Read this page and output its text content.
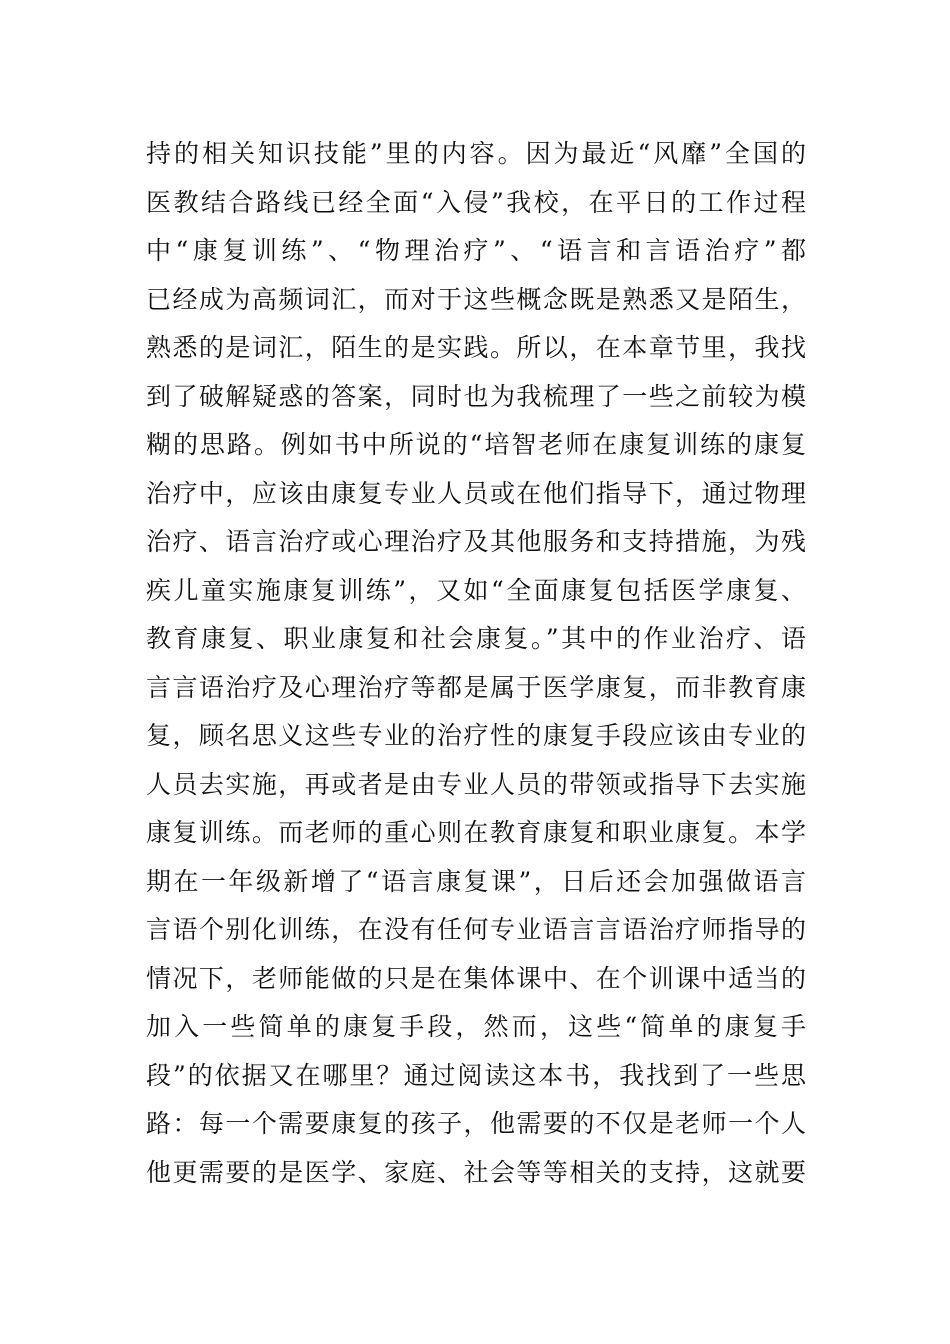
持的相关知识技能”里的内容。因为最近“风靡”全国的
医教结合路线已经全面“入侵”我校，在平日的工作过程
中“康复训练”、“物理治疗”、“语言和言语治疗”都
已经成为高频词汇，而对于这些概念既是熟悉又是陌生，
熟悉的是词汇，陌生的是实践。所以，在本章节里，我找
到了破解疑惑的答案，同时也为我梳理了一些之前较为模
糊的思路。例如书中所说的“培智老师在康复训练的康复
治疗中，应该由康复专业人员或在他们指导下，通过物理
治疗、语言治疗或心理治疗及其他服务和支持措施，为残
疾儿童实施康复训练”，又如“全面康复包括医学康复、
教育康复、职业康复和社会康复。”其中的作业治疗、语
言言语治疗及心理治疗等都是属于医学康复，而非教育康
复，顾名思义这些专业的治疗性的康复手段应该由专业的
人员去实施，再或者是由专业人员的带领或指导下去实施
康复训练。而老师的重心则在教育康复和职业康复。本学
期在一年级新增了“语言康复课”，日后还会加强做语言
言语个别化训练，在没有任何专业语言言语治疗师指导的
情况下，老师能做的只是在集体课中、在个训课中适当的
加入一些简单的康复手段，然而，这些“简单的康复手
段”的依据又在哪里？通过阅读这本书，我找到了一些思
路：每一个需要康复的孩子，他需要的不仅是老师一个人
他更需要的是医学、家庭、社会等等相关的支持，这就要
